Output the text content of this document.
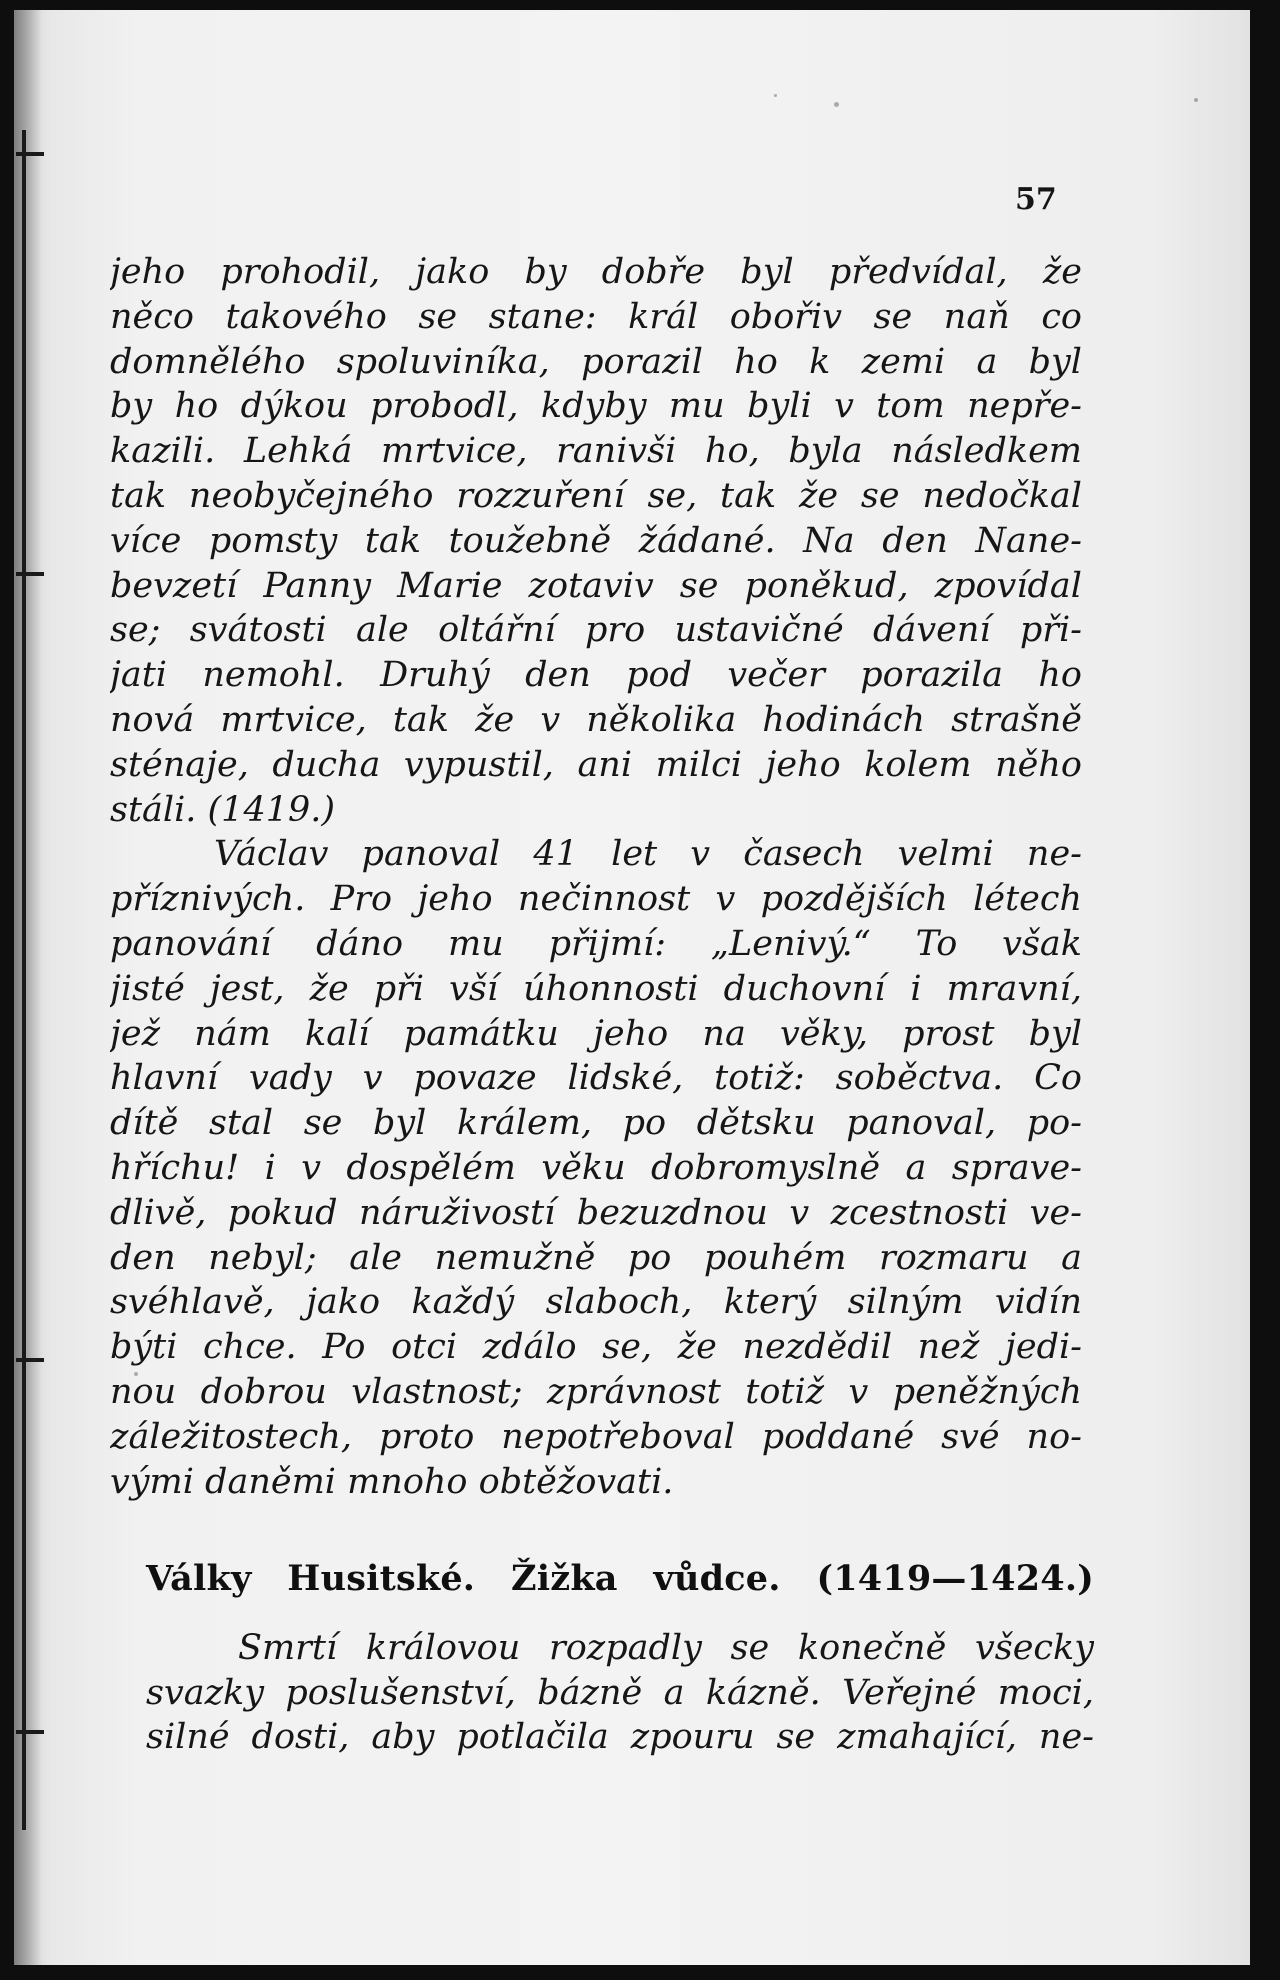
57
jeho prohodil, jako by dobře byl předvídal, že
něco takového se stane: král obořiv se naň co
domnělého spoluviníka, porazil ho k zemi a byl
by ho dýkou probodl, kdyby mu byli v tom nepře-
kazili. Lehká mrtvice, ranivši ho, byla následkem
tak neobyčejného rozzuření se, tak že se nedočkal
více pomsty tak toužebně žádané. Na den Nane-
bevzetí Panny Marie zotaviv se poněkud, zpovídal
se; svátosti ale oltářní pro ustavičné dávení při-
jati nemohl. Druhý den pod večer porazila ho
nová mrtvice, tak že v několika hodinách strašně
sténaje, ducha vypustil, ani milci jeho kolem něho
stáli. (1419.)
Václav panoval 41 let v časech velmi ne-
příznivých. Pro jeho nečinnost v pozdějších létech
panování dáno mu přijmí: „Lenivý.“ To však
jisté jest, že při vší úhonnosti duchovní i mravní,
jež nám kalí památku jeho na věky, prost byl
hlavní vady v povaze lidské, totiž: soběctva. Co
dítě stal se byl králem, po dětsku panoval, po-
hříchu! i v dospělém věku dobromyslně a sprave-
dlivě, pokud náruživostí bezuzdnou v zcestnosti ve-
den nebyl; ale nemužně po pouhém rozmaru a
svéhlavě, jako každý slaboch, který silným vidín
býti chce. Po otci zdálo se, že nezdědil než jedi-
nou dobrou vlastnost; zprávnost totiž v peněžných
záležitostech, proto nepotřeboval poddané své no-
vými daněmi mnoho obtěžovati.
Války Husitské. Žižka vůdce. (1419—1424.)
Smrtí královou rozpadly se konečně všecky
svazky poslušenství, bázně a kázně. Veřejné moci,
silné dosti, aby potlačila zpouru se zmahající, ne-
